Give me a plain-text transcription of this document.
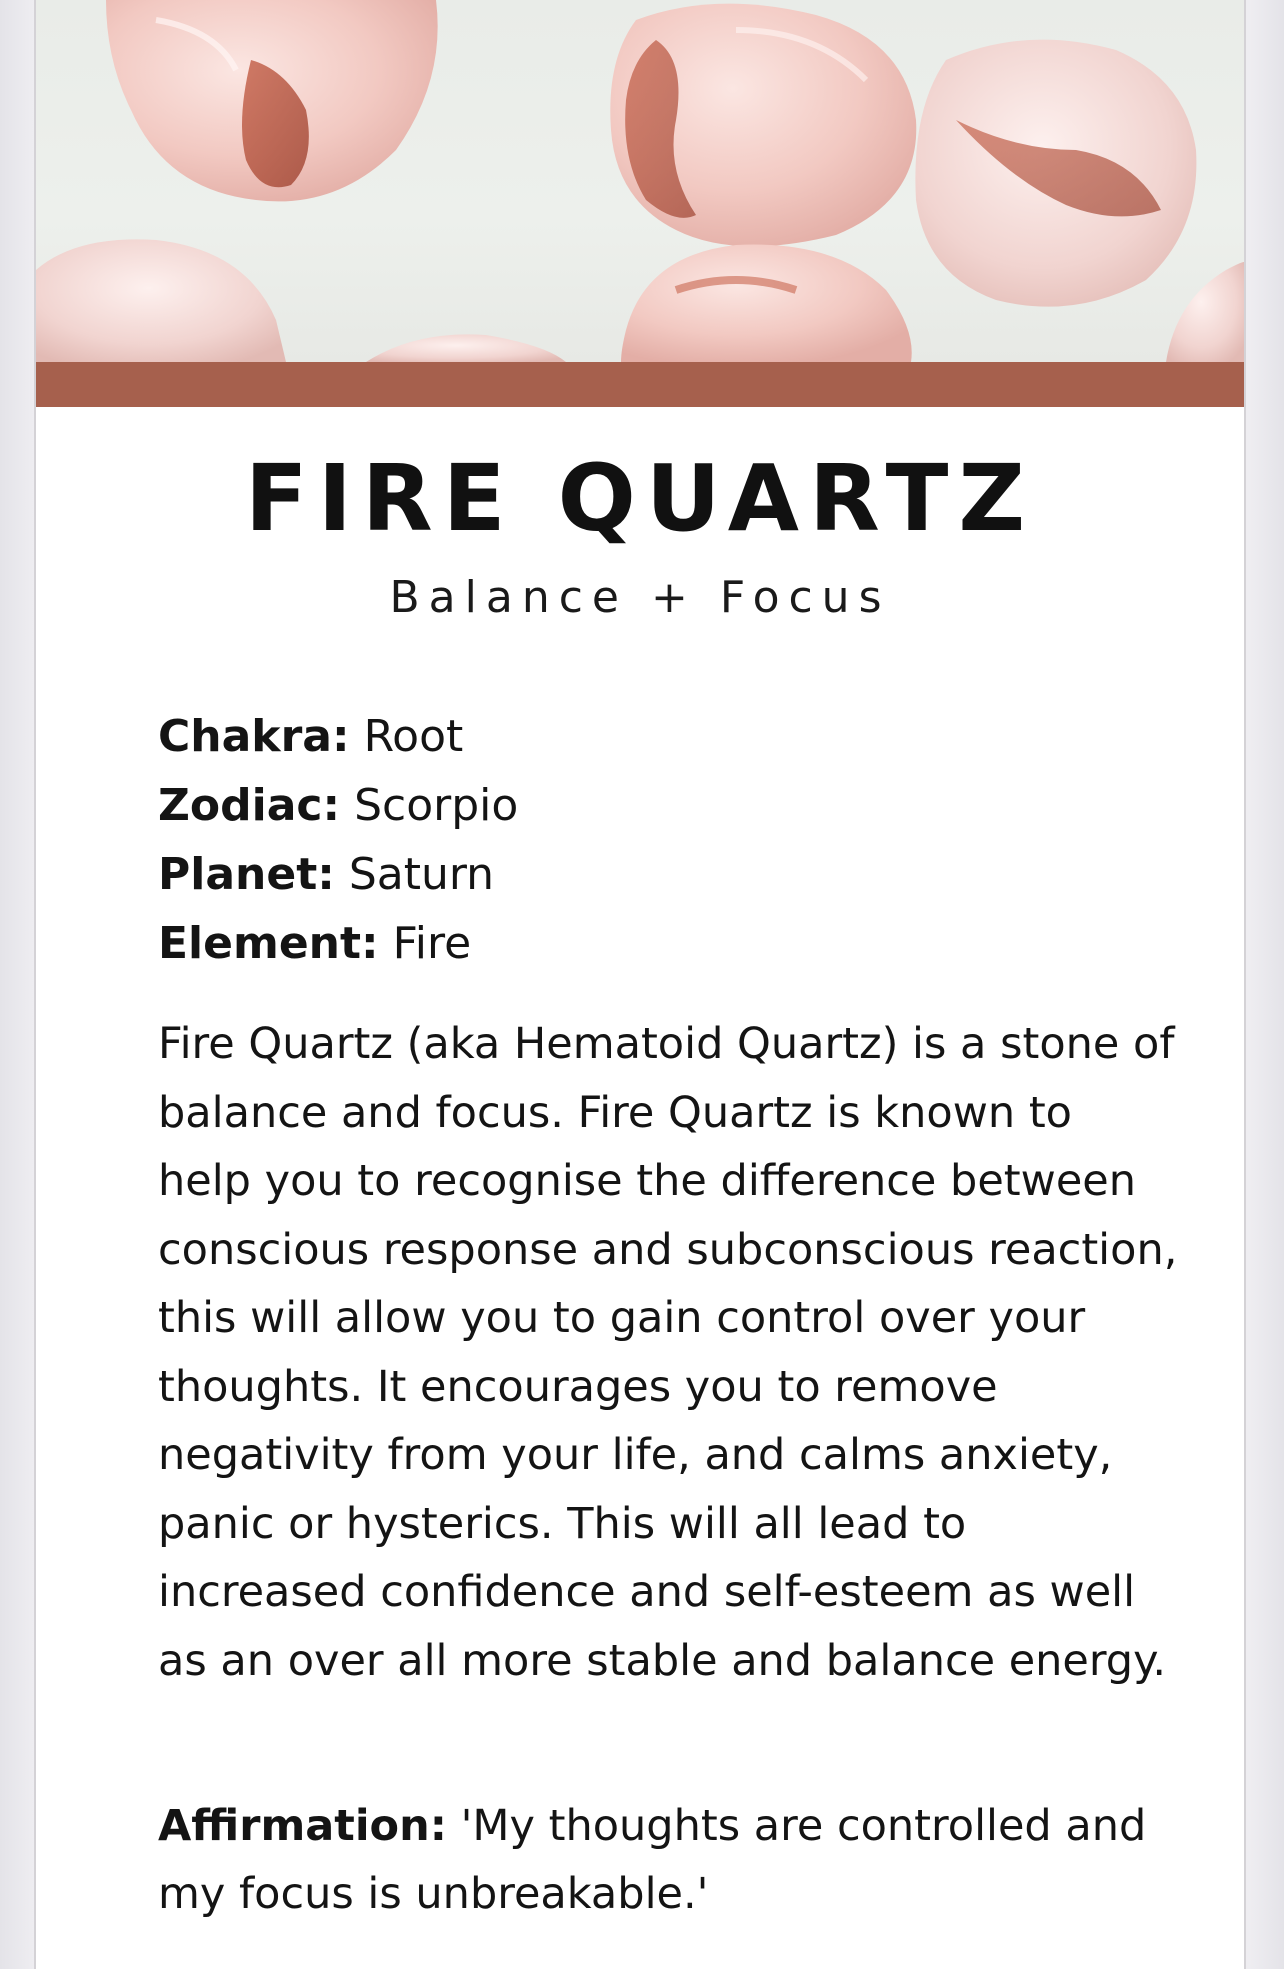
FIRE QUARTZ
Balance + Focus
Chakra: Root
Zodiac: Scorpio
Planet: Saturn
Element: Fire

Fire Quartz (aka Hematoid Quartz) is a stone of balance and focus. Fire Quartz is known to help you to recognise the difference between conscious response and subconscious reaction, this will allow you to gain control over your thoughts. It encourages you to remove negativity from your life, and calms anxiety, panic or hysterics. This will all lead to increased confidence and self-esteem as well as an over all more stable and balance energy.

Affirmation: 'My thoughts are controlled and my focus is unbreakable.'
